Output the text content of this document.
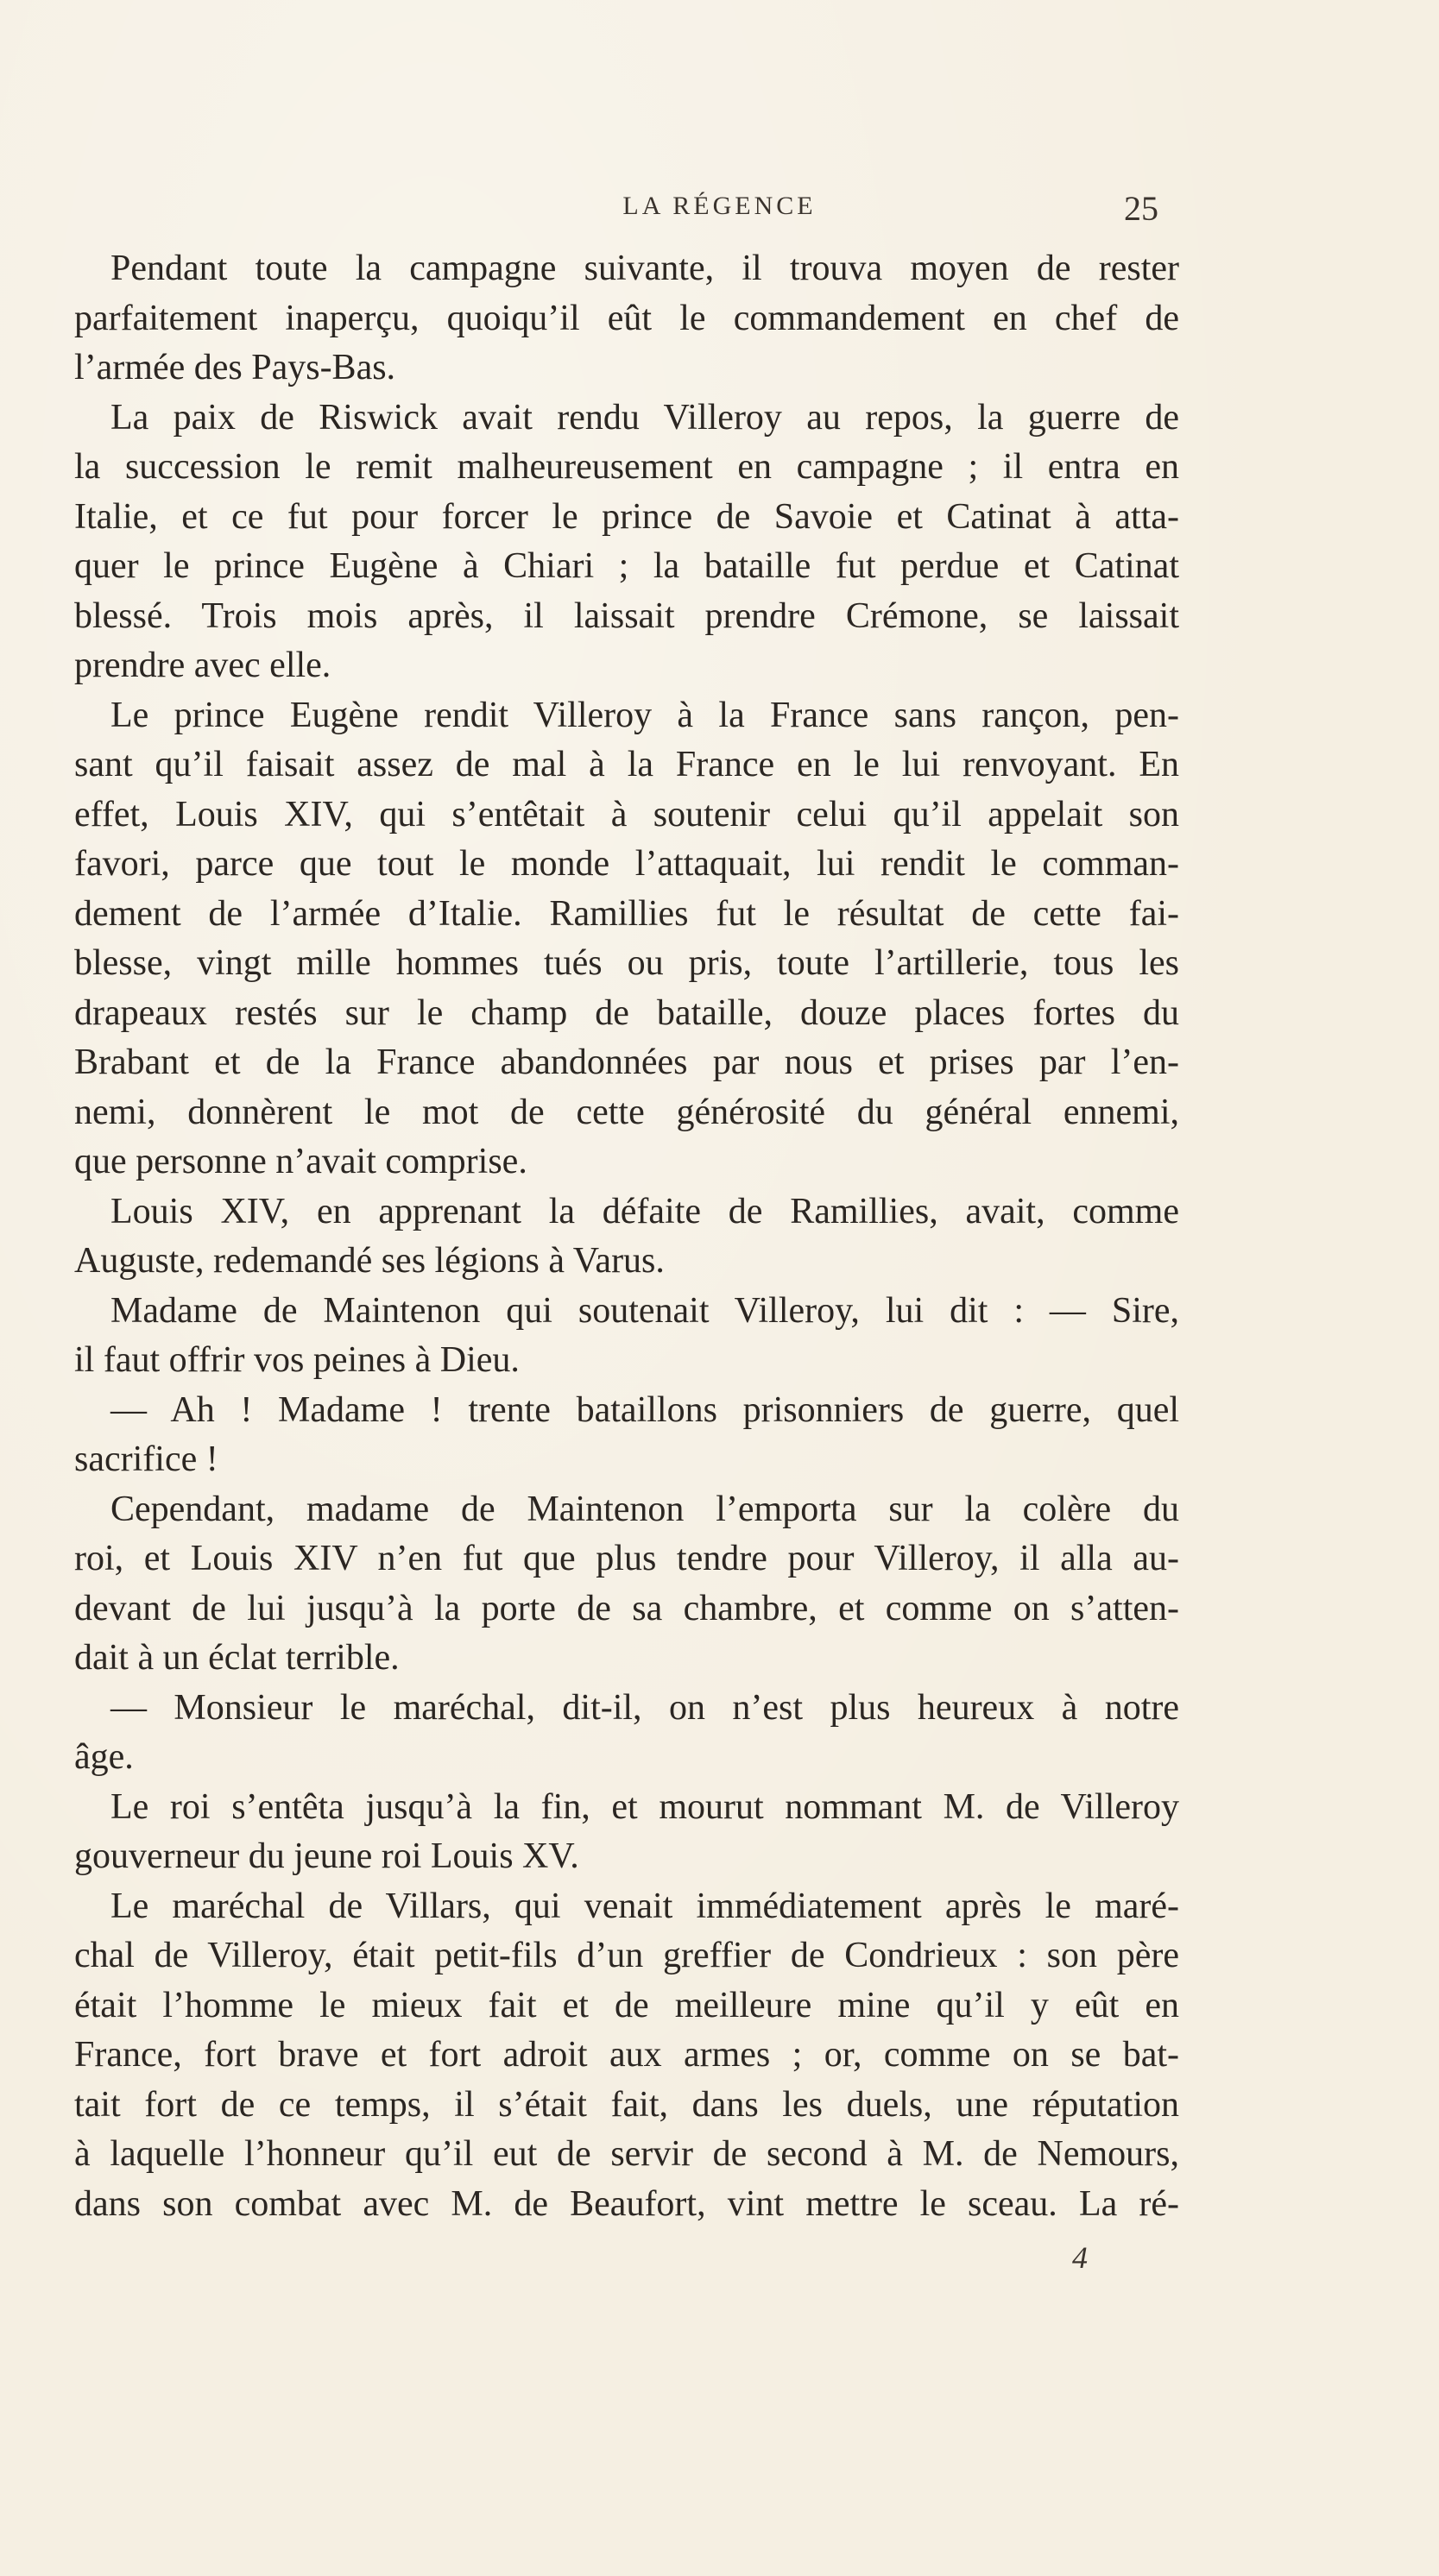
LA RÉGENCE	25
Pendant toute la campagne suivante, il trouva moyen de rester
parfaitement inaperçu, quoiqu’il eût le commandement en chef de
l’armée des Pays-Bas.
La paix de Riswick avait rendu Villeroy au repos, la guerre de
la succession le remit malheureusement en campagne ; il entra en
Italie, et ce fut pour forcer le prince de Savoie et Catinat à atta-
quer le prince Eugène à Chiari ; la bataille fut perdue et Catinat
blessé. Trois mois après, il laissait prendre Crémone, se laissait
prendre avec elle.
Le prince Eugène rendit Villeroy à la France sans rançon, pen-
sant qu’il faisait assez de mal à la France en le lui renvoyant. En
effet, Louis XIV, qui s’entêtait à soutenir celui qu’il appelait son
favori, parce que tout le monde l’attaquait, lui rendit le comman-
dement de l’armée d’Italie. Ramillies fut le résultat de cette fai-
blesse, vingt mille hommes tués ou pris, toute l’artillerie, tous les
drapeaux restés sur le champ de bataille, douze places fortes du
Brabant et de la France abandonnées par nous et prises par l’en-
nemi, donnèrent le mot de cette générosité du général ennemi,
que personne n’avait comprise.
Louis XIV, en apprenant la défaite de Ramillies, avait, comme
Auguste, redemandé ses légions à Varus.
Madame de Maintenon qui soutenait Villeroy, lui dit : — Sire,
il faut offrir vos peines à Dieu.
— Ah ! Madame ! trente bataillons prisonniers de guerre, quel
sacrifice !
Cependant, madame de Maintenon l’emporta sur la colère du
roi, et Louis XIV n’en fut que plus tendre pour Villeroy, il alla au-
devant de lui jusqu’à la porte de sa chambre, et comme on s’atten-
dait à un éclat terrible.
— Monsieur le maréchal, dit-il, on n’est plus heureux à notre
âge.
Le roi s’entêta jusqu’à la fin, et mourut nommant M. de Villeroy
gouverneur du jeune roi Louis XV.
Le maréchal de Villars, qui venait immédiatement après le maré-
chal de Villeroy, était petit-fils d’un greffier de Condrieux : son père
était l’homme le mieux fait et de meilleure mine qu’il y eût en
France, fort brave et fort adroit aux armes ; or, comme on se bat-
tait fort de ce temps, il s’était fait, dans les duels, une réputation
à laquelle l’honneur qu’il eut de servir de second à M. de Nemours,
dans son combat avec M. de Beaufort, vint mettre le sceau. La ré-
4
